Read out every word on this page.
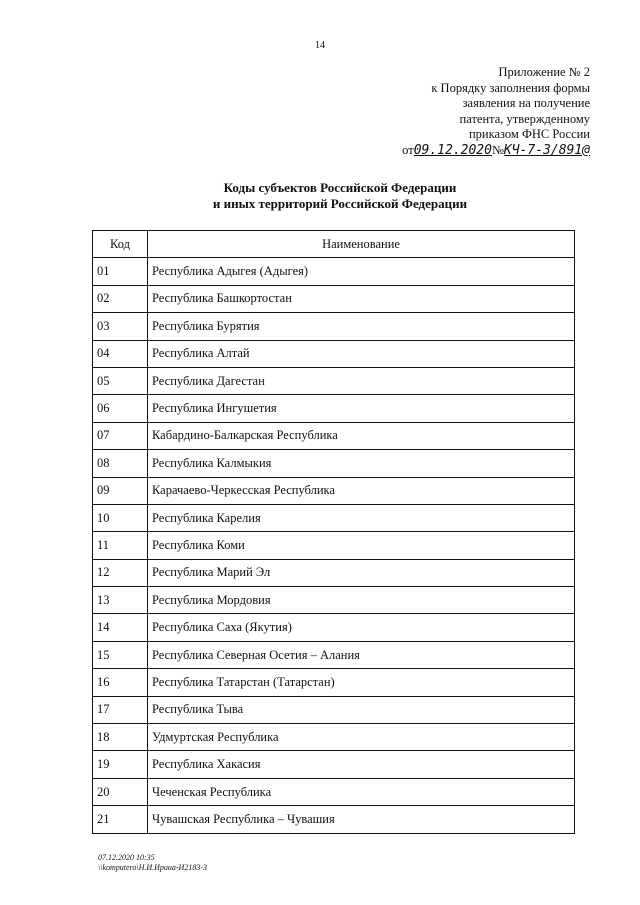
14
Приложение № 2
к Порядку заполнения формы
заявления на получение
патента, утвержденному
приказом ФНС России
от09.12.2020№КЧ-7-3/891@
Коды субъектов Российской Федерации
и иных территорий Российской Федерации
Код	Наименование
01	Республика Адыгея (Адыгея)
02	Республика Башкортостан
03	Республика Бурятия
04	Республика Алтай
05	Республика Дагестан
06	Республика Ингушетия
07	Кабардино-Балкарская Республика
08	Республика Калмыкия
09	Карачаево-Черкесская Республика
10	Республика Карелия
11	Республика Коми
12	Республика Марий Эл
13	Республика Мордовия
14	Республика Саха (Якутия)
15	Республика Северная Осетия – Алания
16	Республика Татарстан (Татарстан)
17	Республика Тыва
18	Удмуртская Республика
19	Республика Хакасия
20	Чеченская Республика
21	Чувашская Республика – Чувашия
07.12.2020 10:35
\\komputero\Н.И.Ирина-И2183-3
